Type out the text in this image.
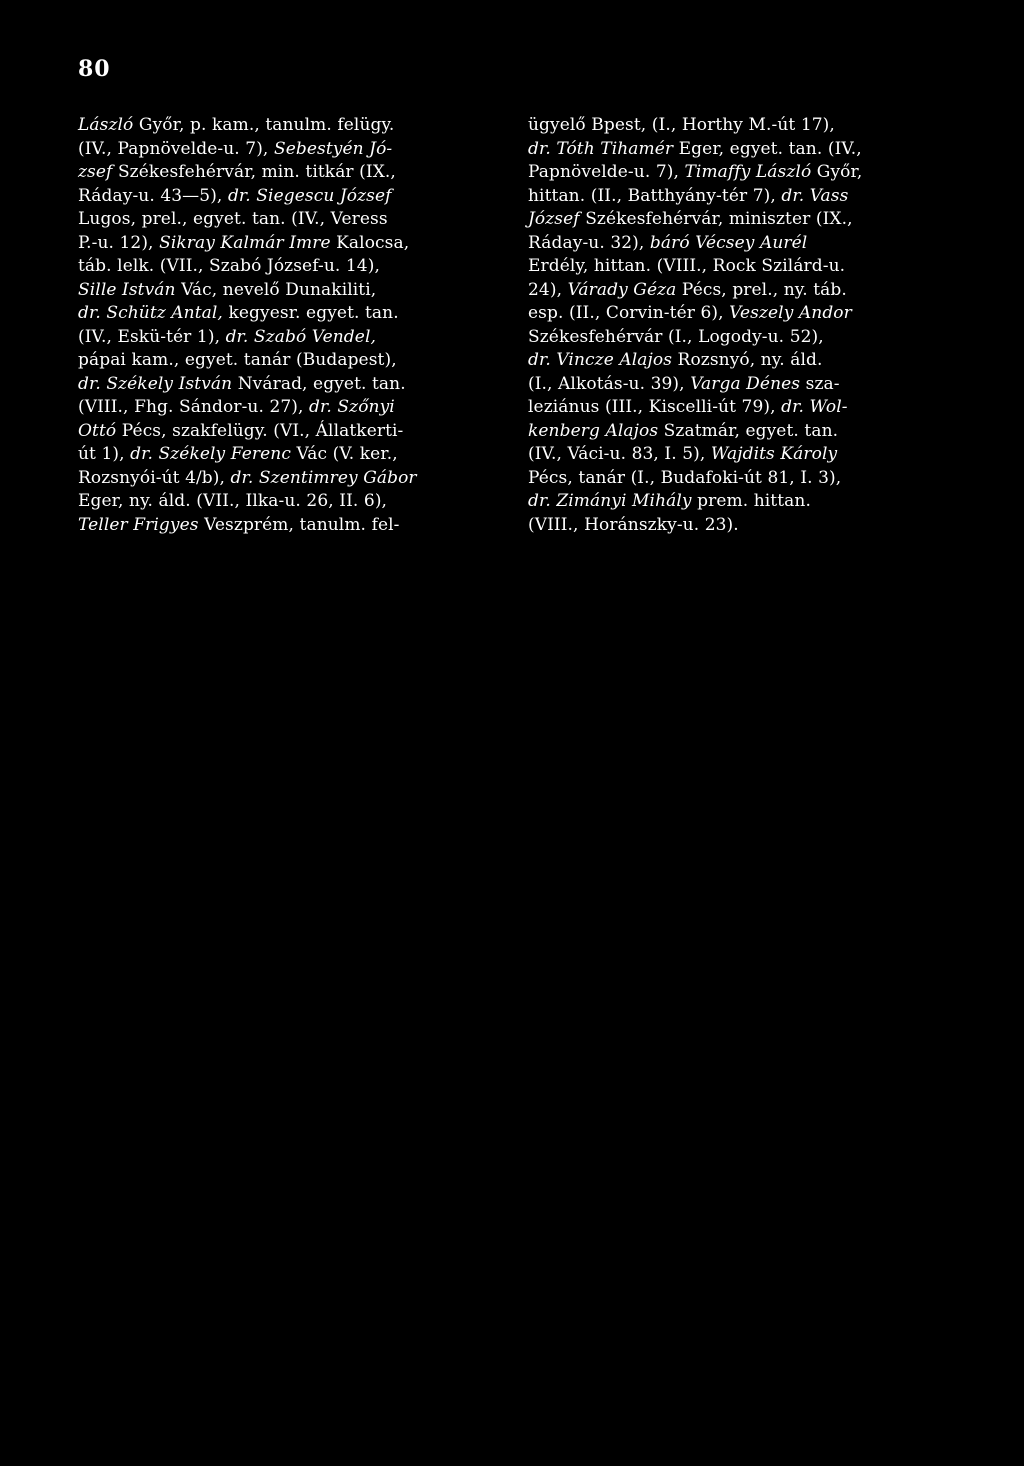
80
László Győr, p. kam., tanulm. felügy.
(IV., Papnövelde-u. 7), Sebestyén Jó-
zsef Székesfehérvár, min. titkár (IX.,
Ráday-u. 43—5), dr. Siegescu József
Lugos, prel., egyet. tan. (IV., Veress
P.-u. 12), Sikray Kalmár Imre Kalocsa,
táb. lelk. (VII., Szabó József-u. 14),
Sille István Vác, nevelő Dunakiliti,
dr. Schütz Antal, kegyesr. egyet. tan.
(IV., Eskü-tér 1), dr. Szabó Vendel,
pápai kam., egyet. tanár (Budapest),
dr. Székely István Nvárad, egyet. tan.
(VIII., Fhg. Sándor-u. 27), dr. Szőnyi
Ottó Pécs, szakfelügy. (VI., Állatkerti-
út 1), dr. Székely Ferenc Vác (V. ker.,
Rozsnyói-út 4/b), dr. Szentimrey Gábor
Eger, ny. áld. (VII., Ilka-u. 26, II. 6),
Teller Frigyes Veszprém, tanulm. fel-
ügyelő Bpest, (I., Horthy M.-út 17),
dr. Tóth Tihamér Eger, egyet. tan. (IV.,
Papnövelde-u. 7), Timaffy László Győr,
hittan. (II., Batthyány-tér 7), dr. Vass
József Székesfehérvár, miniszter (IX.,
Ráday-u. 32), báró Vécsey Aurél
Erdély, hittan. (VIII., Rock Szilárd-u.
24), Várady Géza Pécs, prel., ny. táb.
esp. (II., Corvin-tér 6), Veszely Andor
Székesfehérvár (I., Logody-u. 52),
dr. Vincze Alajos Rozsnyó, ny. áld.
(I., Alkotás-u. 39), Varga Dénes sza-
leziánus (III., Kiscelli-út 79), dr. Wol-
kenberg Alajos Szatmár, egyet. tan.
(IV., Váci-u. 83, I. 5), Wajdits Károly
Pécs, tanár (I., Budafoki-út 81, I. 3),
dr. Zimányi Mihály prem. hittan.
(VIII., Horánszky-u. 23).
